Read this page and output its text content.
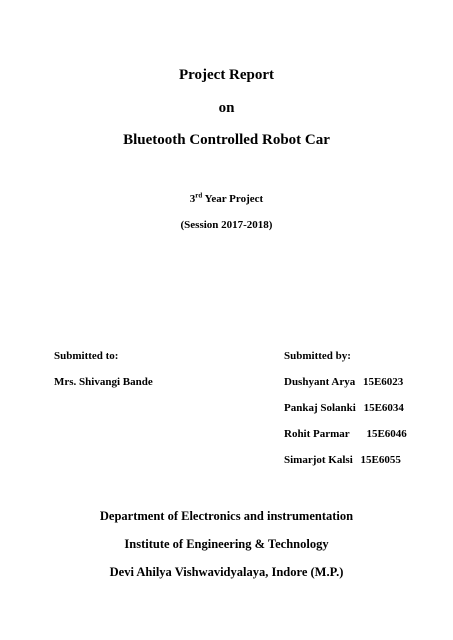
Project Report
on
Bluetooth Controlled Robot Car
3rd Year Project
(Session 2017-2018)
Submitted to:
Mrs. Shivangi Bande
Submitted by:
Dushyant Arya 15E6023
Pankaj Solanki 15E6034
Rohit Parmar 15E6046
Simarjot Kalsi 15E6055
Department of Electronics and instrumentation
Institute of Engineering & Technology
Devi Ahilya Vishwavidyalaya, Indore (M.P.)
